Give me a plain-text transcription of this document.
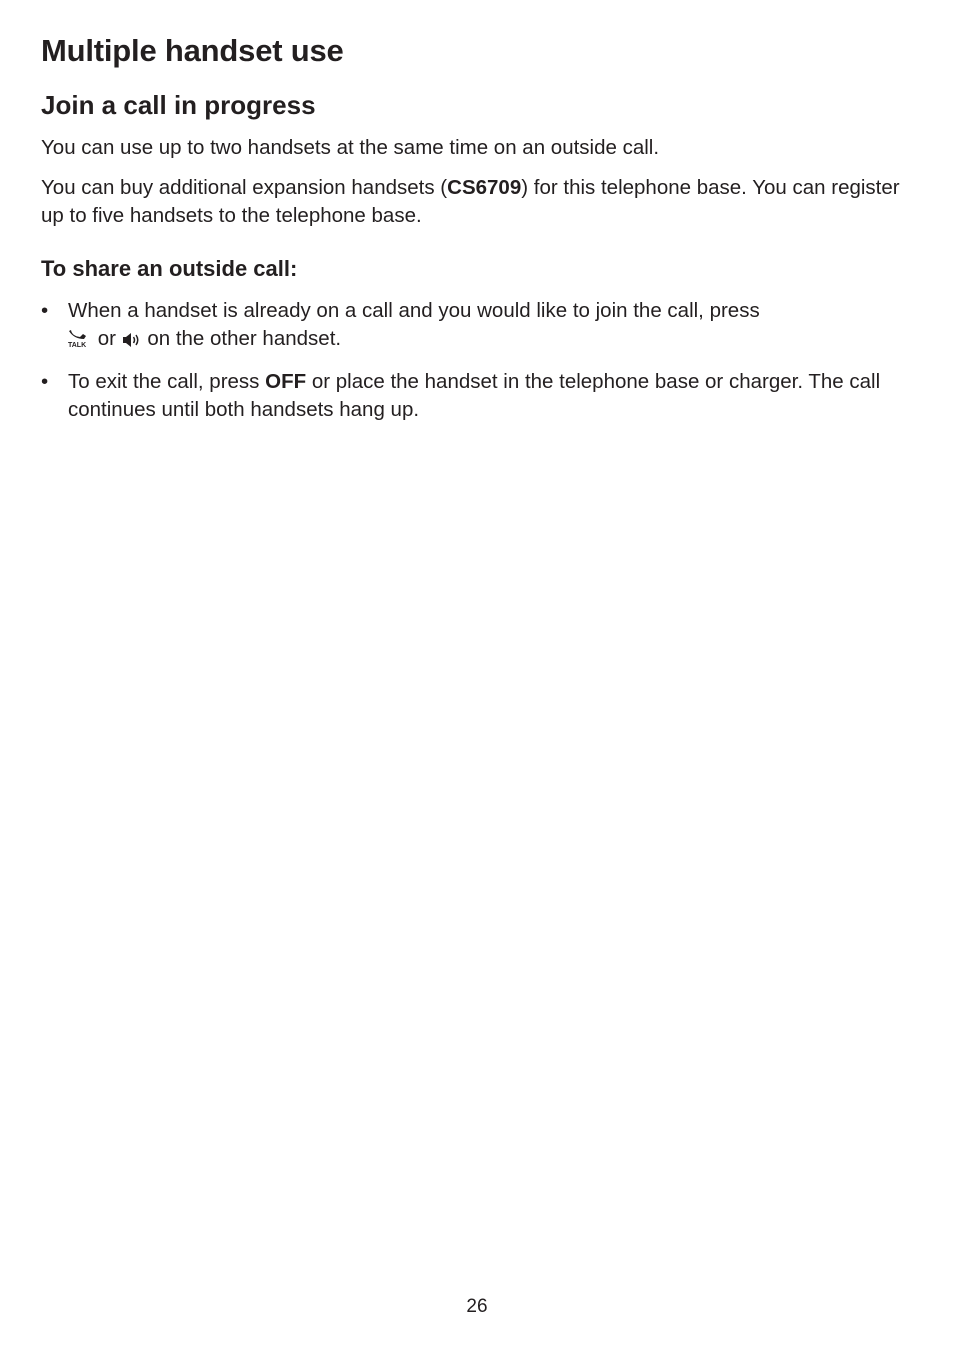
Multiple handset use
Join a call in progress

You can use up to two handsets at the same time on an outside call.

You can buy additional expansion handsets (CS6709) for this telephone base. You can register up to five handsets to the telephone base.

To share an outside call:
• When a handset is already on a call and you would like to join the call, press

TALK or  on the other handset.
• To exit the call, press OFF or place the handset in the telephone base or charger. The call continues until both handsets hang up.
26
